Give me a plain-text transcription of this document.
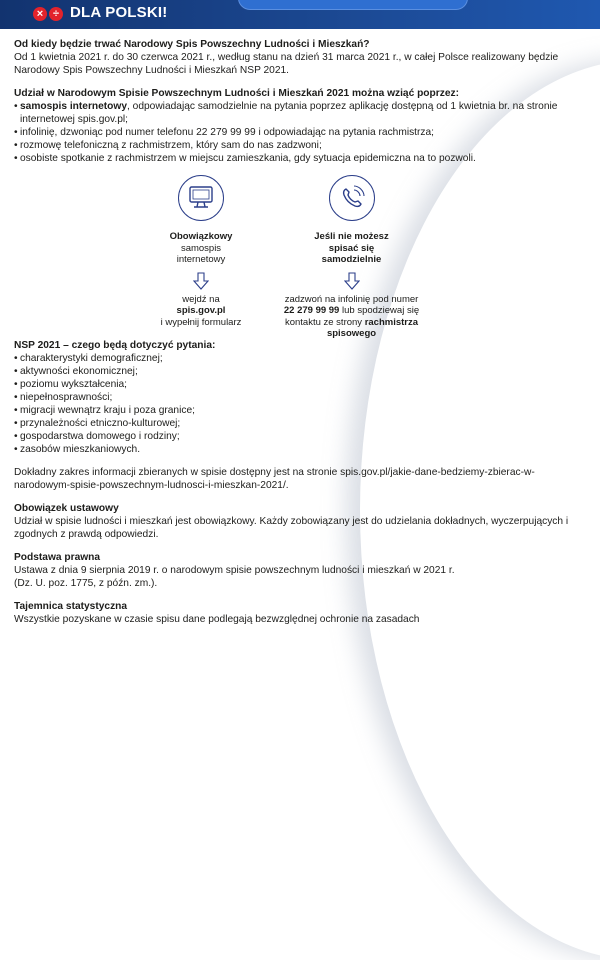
× ÷ DLA POLSKI!

Od kiedy będzie trwać Narodowy Spis Powszechny Ludności i Mieszkań?

Od 1 kwietnia 2021 r. do 30 czerwca 2021 r., według stanu na dzień 31 marca 2021 r., w całej Polsce realizowany będzie Narodowy Spis Powszechny Ludności i Mieszkań NSP 2021.

Udział w Narodowym Spisie Powszechnym Ludności i Mieszkań 2021 można wziąć poprzez:

• samospis internetowy, odpowiadając samodzielnie na pytania poprzez aplikację dostępną od 1 kwietnia br. na stronie internetowej spis.gov.pl;
• infolinię, dzwoniąc pod numer telefonu 22 279 99 99 i odpowiadając na pytania rachmistrza;
• rozmowę telefoniczną z rachmistrzem, który sam do nas zadzwoni;
• osobiste spotkanie z rachmistrzem w miejscu zamieszkania, gdy sytuacja epidemiczna na to pozwoli.
Obowiązkowy
samospis
internetowy
wejdź na
spis.gov.pl
i wypełnij formularz
Jeśli nie możesz
spisać się
samodzielnie
zadzwoń na infolinię pod numer
22 279 99 99 lub spodziewaj się
kontaktu ze strony rachmistrza spisowego

NSP 2021 – czego będą dotyczyć pytania:

• charakterystyki demograficznej;
• aktywności ekonomicznej;
• poziomu wykształcenia;
• niepełnosprawności;
• migracji wewnątrz kraju i poza granice;
• przynależności etniczno-kulturowej;
• gospodarstwa domowego i rodziny;
• zasobów mieszkaniowych.

Dokładny zakres informacji zbieranych w spisie dostępny jest na stronie spis.gov.pl/jakie-dane-bedziemy-zbierac-w-narodowym-spisie-powszechnym-ludnosci-i-mieszkan-2021/.

Obowiązek ustawowy

Udział w spisie ludności i mieszkań jest obowiązkowy. Każdy zobowiązany jest do udzielania dokładnych, wyczerpujących i zgodnych z prawdą odpowiedzi.

Podstawa prawna

Ustawa z dnia 9 sierpnia 2019 r. o narodowym spisie powszechnym ludności i mieszkań w 2021 r.

(Dz. U. poz. 1775, z późn. zm.).

Tajemnica statystyczna

Wszystkie pozyskane w czasie spisu dane podlegają bezwzględnej ochronie na zasadach
